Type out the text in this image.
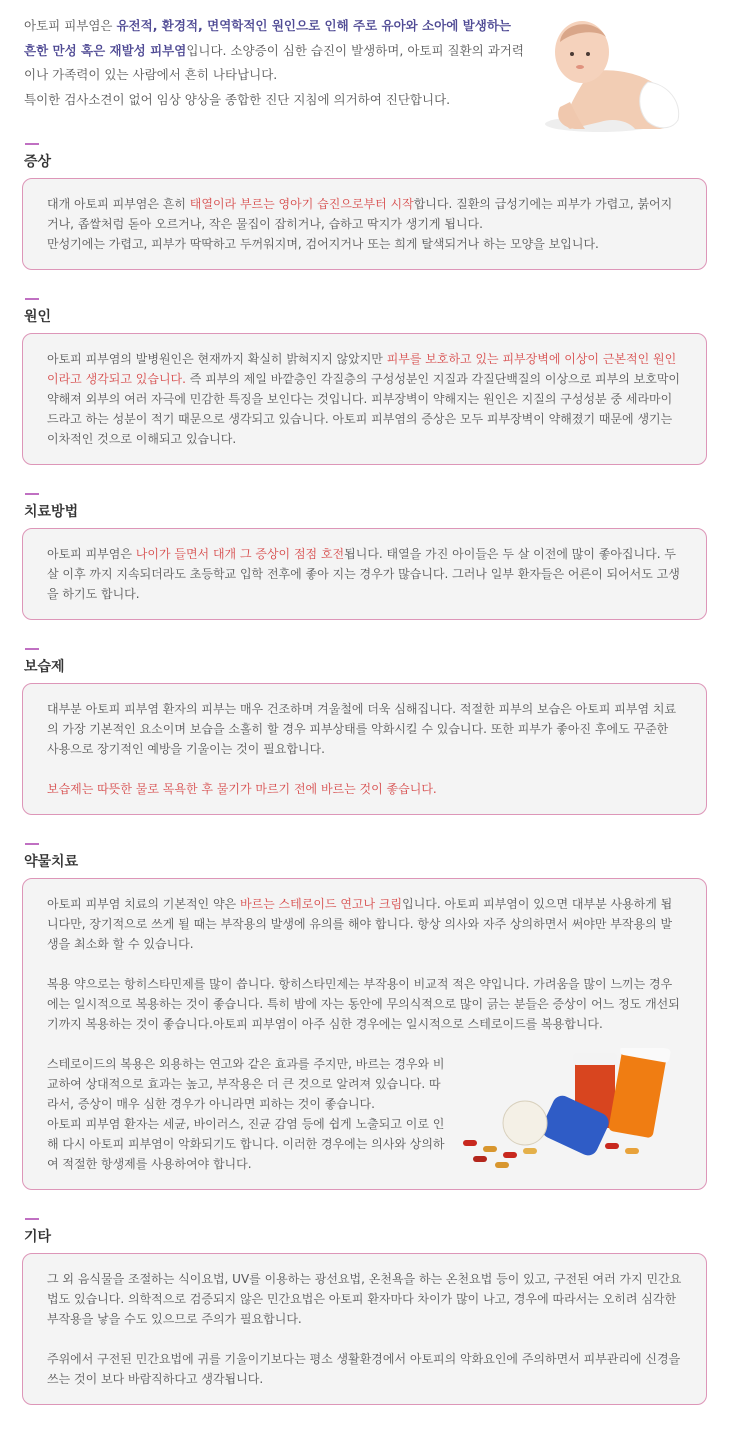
아토피 피부염은 유전적, 환경적, 면역학적인 원인으로 인해 주로 유아와 소아에 발생하는 흔한 만성 혹은 재발성 피부염입니다. 소양증이 심한 습진이 발생하며, 아토피 질환의 과거력이나 가족력이 있는 사람에서 흔히 나타납니다.

특이한 검사소견이 없어 임상 양상을 종합한 진단 지침에 의거하여 진단합니다.

증상

대개 아토피 피부염은 흔히 태열이라 부르는 영아기 습진으로부터 시작합니다. 질환의 급성기에는 피부가 가렵고, 붉어지거나, 좁쌀처럼 돋아 오르거나, 작은 물집이 잡히거나, 습하고 딱지가 생기게 됩니다.

만성기에는 가렵고, 피부가 딱딱하고 두꺼워지며, 검어지거나 또는 희게 탈색되거나 하는 모양을 보입니다.

원인

아토피 피부염의 발병원인은 현재까지 확실히 밝혀지지 않았지만 피부를 보호하고 있는 피부장벽에 이상이 근본적인 원인이라고 생각되고 있습니다. 즉 피부의 제일 바깥층인 각질층의 구성성분인 지질과 각질단백질의 이상으로 피부의 보호막이 약해져 외부의 여러 자극에 민감한 특징을 보인다는 것입니다. 피부장벽이 약해지는 원인은 지질의 구성성분 중 세라마이드라고 하는 성분이 적기 때문으로 생각되고 있습니다. 아토피 피부염의 증상은 모두 피부장벽이 약해졌기 때문에 생기는 이차적인 것으로 이해되고 있습니다.

치료방법

아토피 피부염은 나이가 들면서 대개 그 증상이 점점 호전됩니다. 태열을 가진 아이들은 두 살 이전에 많이 좋아집니다. 두 살 이후 까지 지속되더라도 초등학교 입학 전후에 좋아 지는 경우가 많습니다. 그러나 일부 환자들은 어른이 되어서도 고생을 하기도 합니다.

보습제

대부분 아토피 피부염 환자의 피부는 매우 건조하며 겨울철에 더욱 심해집니다. 적절한 피부의 보습은 아토피 피부염 치료의 가장 기본적인 요소이며 보습을 소홀히 할 경우 피부상태를 악화시킬 수 있습니다. 또한 피부가 좋아진 후에도 꾸준한 사용으로 장기적인 예방을 기울이는 것이 필요합니다.

보습제는 따뜻한 물로 목욕한 후 물기가 마르기 전에 바르는 것이 좋습니다.

약물치료

아토피 피부염 치료의 기본적인 약은 바르는 스테로이드 연고나 크림입니다. 아토피 피부염이 있으면 대부분 사용하게 됩니다만, 장기적으로 쓰게 될 때는 부작용의 발생에 유의를 해야 합니다. 항상 의사와 자주 상의하면서 써야만 부작용의 발생을 최소화 할 수 있습니다.

복용 약으로는 항히스타민제를 많이 씁니다. 항히스타민제는 부작용이 비교적 적은 약입니다. 가려움을 많이 느끼는 경우에는 일시적으로 복용하는 것이 좋습니다. 특히 밤에 자는 동안에 무의식적으로 많이 긁는 분들은 증상이 어느 정도 개선되기까지 복용하는 것이 좋습니다.아토피 피부염이 아주 심한 경우에는 일시적으로 스테로이드를 복용합니다.

스테로이드의 복용은 외용하는 연고와 같은 효과를 주지만, 바르는 경우와 비교하여 상대적으로 효과는 높고, 부작용은 더 큰 것으로 알려져 있습니다. 따라서, 증상이 매우 심한 경우가 아니라면 피하는 것이 좋습니다.

아토피 피부염 환자는 세균, 바이러스, 진균 감염 등에 쉽게 노출되고 이로 인해 다시 아토피 피부염이 악화되기도 합니다. 이러한 경우에는 의사와 상의하여 적절한 항생제를 사용하여야 합니다.

기타

그 외 음식물을 조절하는 식이요법, UV를 이용하는 광선요법, 온천욕을 하는 온천요법 등이 있고, 구전된 여러 가지 민간요법도 있습니다. 의학적으로 검증되지 않은 민간요법은 아토피 환자마다 차이가 많이 나고, 경우에 따라서는 오히려 심각한 부작용을 낳을 수도 있으므로 주의가 필요합니다.

주위에서 구전된 민간요법에 귀를 기울이기보다는 평소 생활환경에서 아토피의 악화요인에 주의하면서 피부관리에 신경을 쓰는 것이 보다 바람직하다고 생각됩니다.
